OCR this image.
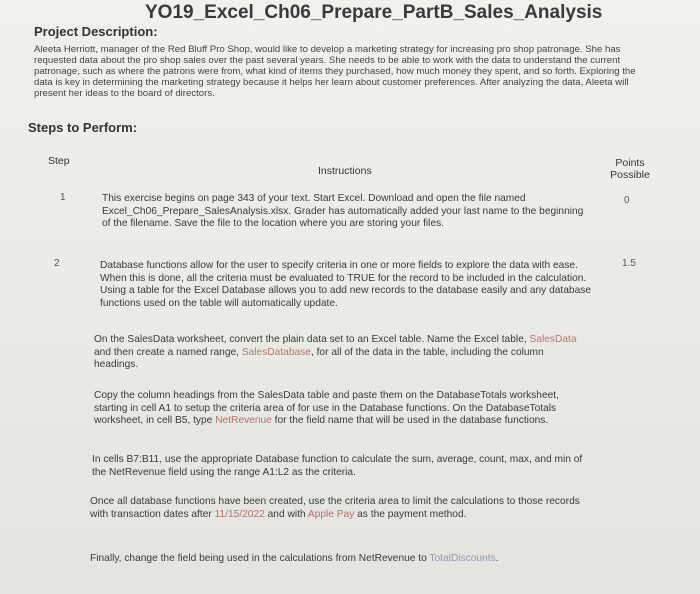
YO19_Excel_Ch06_Prepare_PartB_Sales_Analysis
Project Description:
Aleeta Herriott, manager of the Red Bluff Pro Shop, would like to develop a marketing strategy for increasing pro shop patronage. She has requested data about the pro shop sales over the past several years. She needs to be able to work with the data to understand the current patronage, such as where the patrons were from, what kind of items they purchased, how much money they spent, and so forth. Exploring the data is key in determining the marketing strategy because it helps her learn about customer preferences. After analyzing the data, Aleeta will present her ideas to the board of directors.
Steps to Perform:
Step
Instructions
Points Possible
1	0
This exercise begins on page 343 of your text. Start Excel. Download and open the file named Excel_Ch06_Prepare_SalesAnalysis.xlsx. Grader has automatically added your last name to the beginning of the filename. Save the file to the location where you are storing your files.
2	1.5
Database functions allow for the user to specify criteria in one or more fields to explore the data with ease. When this is done, all the criteria must be evaluated to TRUE for the record to be included in the calculation. Using a table for the Excel Database allows you to add new records to the database easily and any database functions used on the table will automatically update.

On the SalesData worksheet, convert the plain data set to an Excel table. Name the Excel table, SalesData and then create a named range, SalesDatabase, for all of the data in the table, including the column headings.

Copy the column headings from the SalesData table and paste them on the DatabaseTotals worksheet, starting in cell A1 to setup the criteria area of for use in the Database functions. On the DatabaseTotals worksheet, in cell B5, type NetRevenue for the field name that will be used in the database functions.

In cells B7:B11, use the appropriate Database function to calculate the sum, average, count, max, and min of the NetRevenue field using the range A1:L2 as the criteria.

Once all database functions have been created, use the criteria area to limit the calculations to those records with transaction dates after 11/15/2022 and with Apple Pay as the payment method.

Finally, change the field being used in the calculations from NetRevenue to TotalDiscounts.
